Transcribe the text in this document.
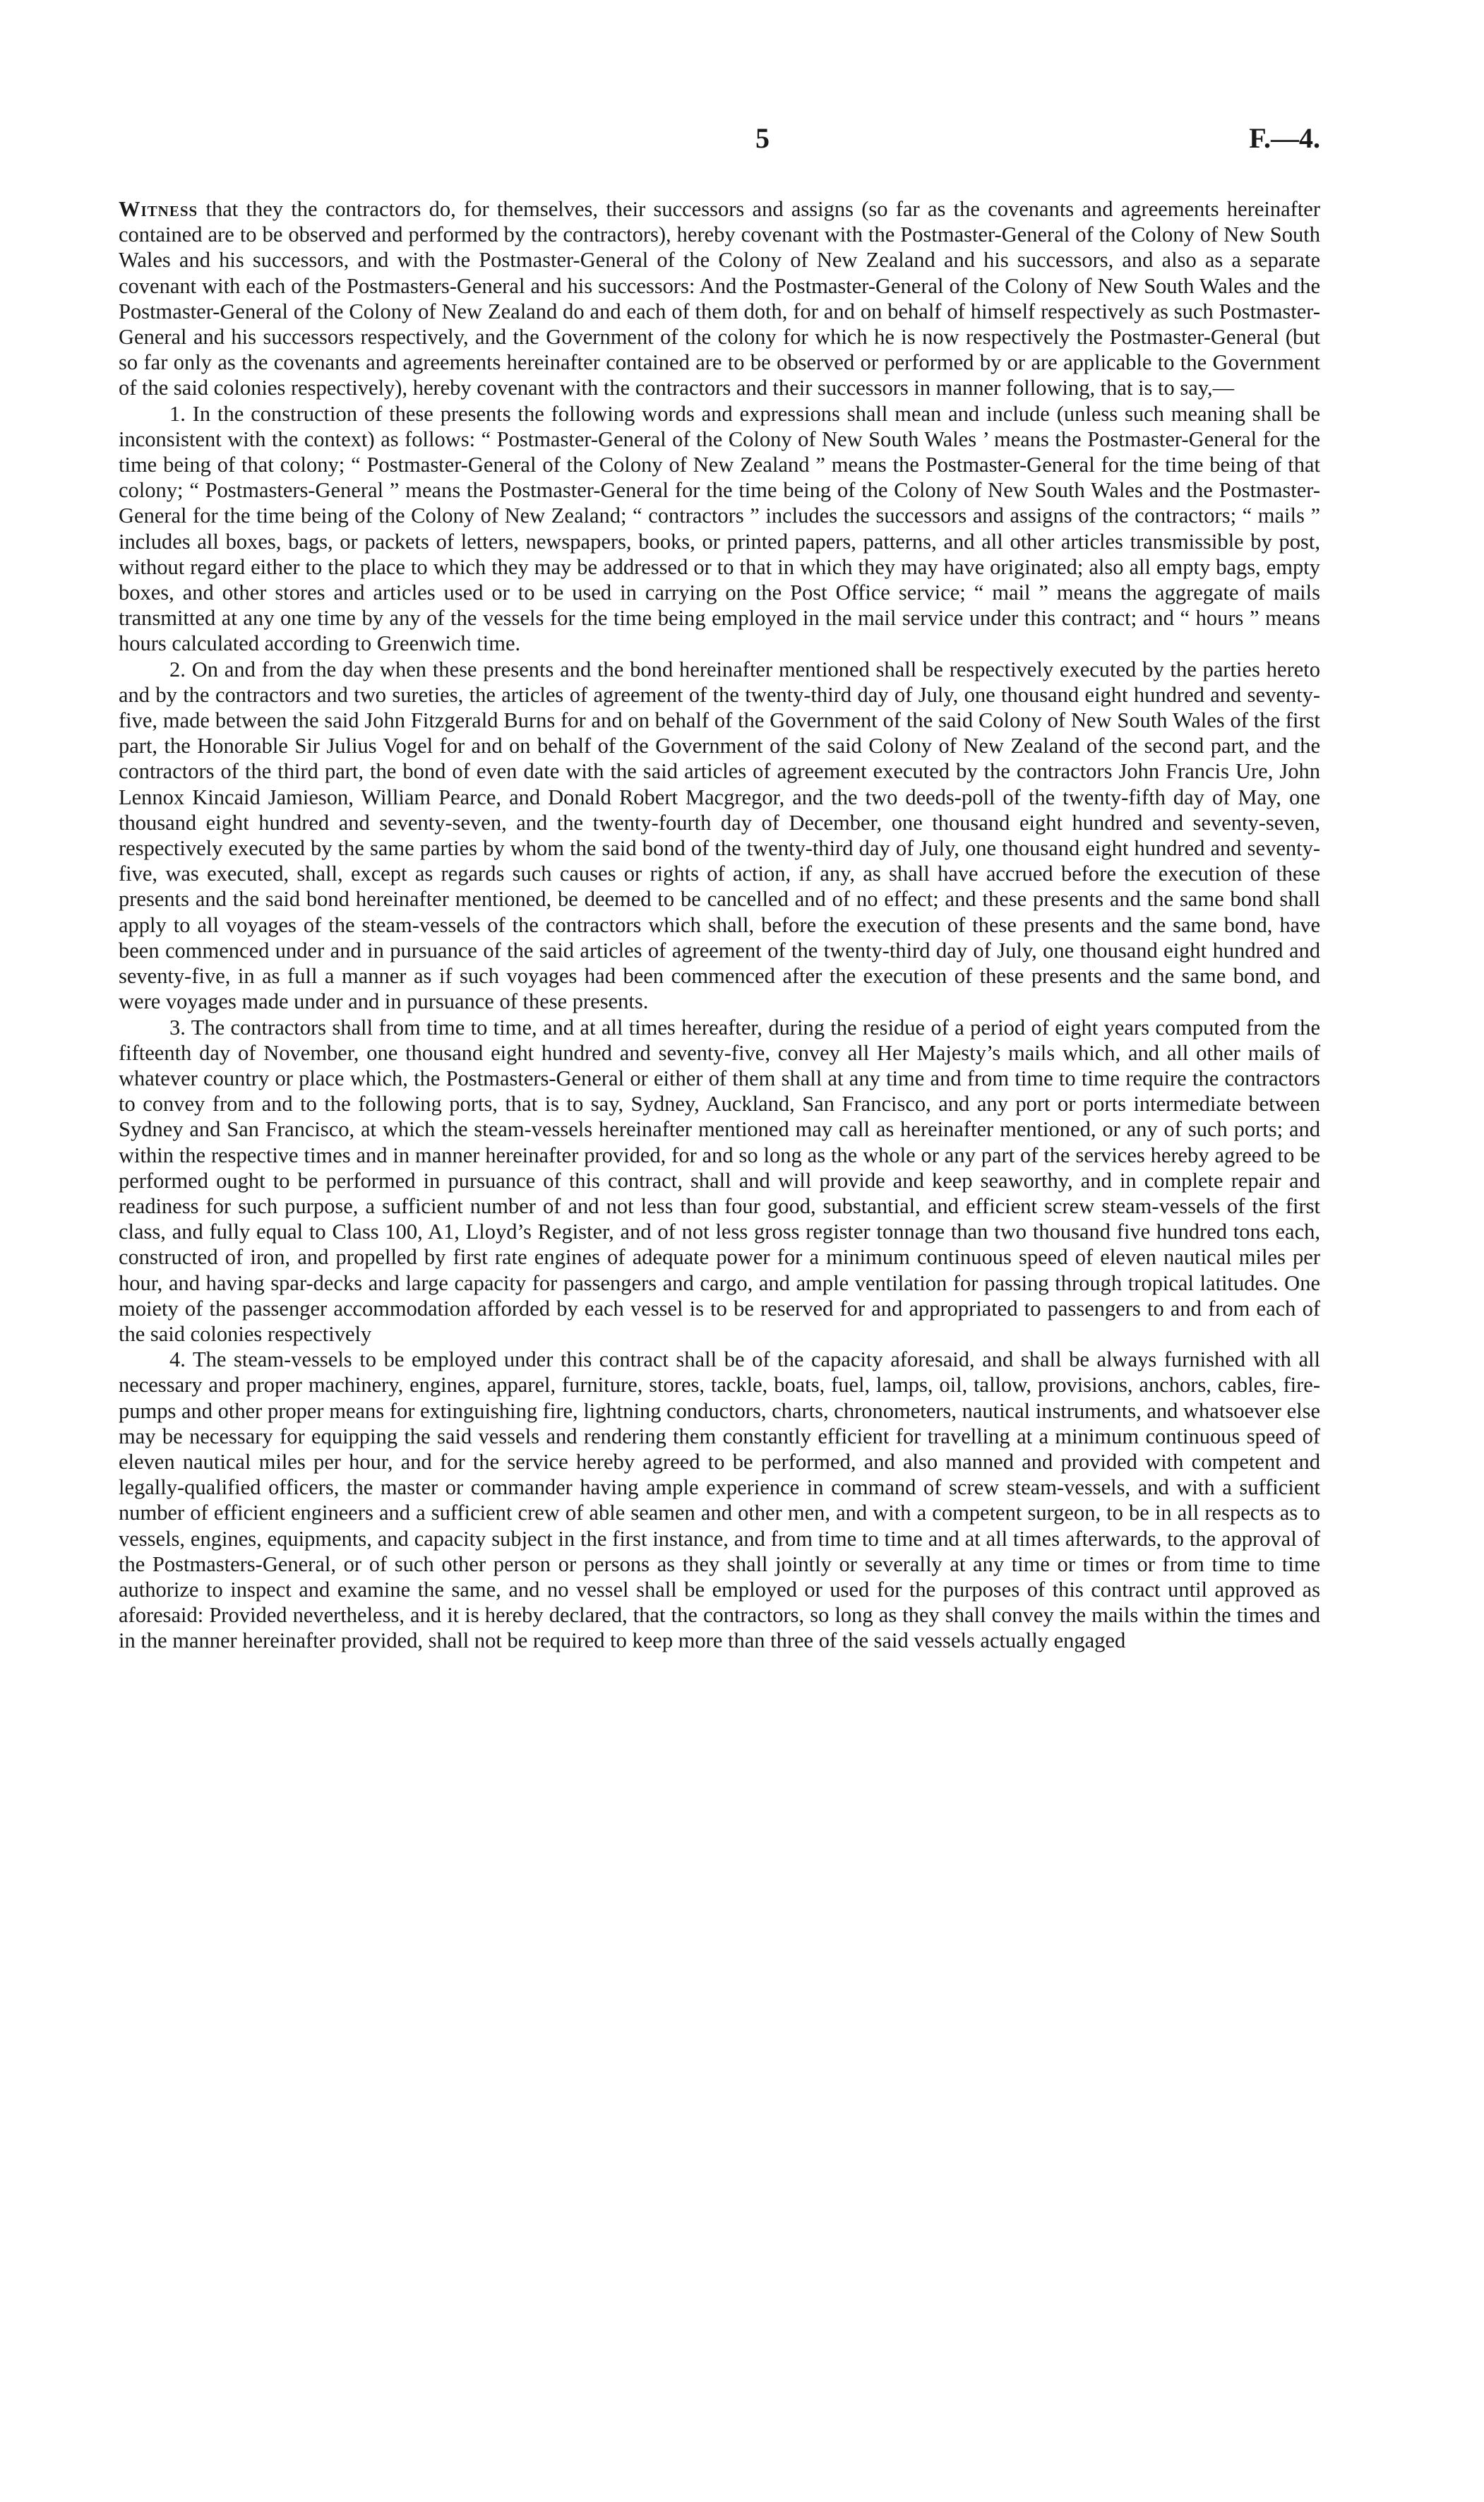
5	F.—4.

Witness that they the contractors do, for themselves, their successors and assigns (so far as the covenants and agreements hereinafter contained are to be observed and performed by the contractors), hereby covenant with the Postmaster-General of the Colony of New South Wales and his successors, and with the Postmaster-General of the Colony of New Zealand and his successors, and also as a separate covenant with each of the Postmasters-General and his successors: And the Postmaster-General of the Colony of New South Wales and the Postmaster-General of the Colony of New Zealand do and each of them doth, for and on behalf of himself respectively as such Postmaster-General and his successors respectively, and the Government of the colony for which he is now respectively the Postmaster-General (but so far only as the covenants and agreements hereinafter contained are to be observed or performed by or are applicable to the Government of the said colonies respectively), hereby covenant with the contractors and their successors in manner following, that is to say,—

1. In the construction of these presents the following words and expressions shall mean and include (unless such meaning shall be inconsistent with the context) as follows: “ Postmaster-General of the Colony of New South Wales ’ means the Postmaster-General for the time being of that colony; “ Postmaster-General of the Colony of New Zealand ” means the Postmaster-General for the time being of that colony; “ Postmasters-General ” means the Postmaster-General for the time being of the Colony of New South Wales and the Postmaster-General for the time being of the Colony of New Zealand; “ contractors ” includes the successors and assigns of the contractors; “ mails ” includes all boxes, bags, or packets of letters, newspapers, books, or printed papers, patterns, and all other articles transmissible by post, without regard either to the place to which they may be addressed or to that in which they may have originated; also all empty bags, empty boxes, and other stores and articles used or to be used in carrying on the Post Office service; “ mail ” means the aggregate of mails transmitted at any one time by any of the vessels for the time being employed in the mail service under this contract; and “ hours ” means hours calculated according to Greenwich time.

2. On and from the day when these presents and the bond hereinafter mentioned shall be respectively executed by the parties hereto and by the contractors and two sureties, the articles of agreement of the twenty-third day of July, one thousand eight hundred and seventy-five, made between the said John Fitzgerald Burns for and on behalf of the Government of the said Colony of New South Wales of the first part, the Honorable Sir Julius Vogel for and on behalf of the Government of the said Colony of New Zealand of the second part, and the contractors of the third part, the bond of even date with the said articles of agreement executed by the contractors John Francis Ure, John Lennox Kincaid Jamieson, William Pearce, and Donald Robert Macgregor, and the two deeds-poll of the twenty-fifth day of May, one thousand eight hundred and seventy-seven, and the twenty-fourth day of December, one thousand eight hundred and seventy-seven, respectively executed by the same parties by whom the said bond of the twenty-third day of July, one thousand eight hundred and seventy-five, was executed, shall, except as regards such causes or rights of action, if any, as shall have accrued before the execution of these presents and the said bond hereinafter mentioned, be deemed to be cancelled and of no effect; and these presents and the same bond shall apply to all voyages of the steam-vessels of the contractors which shall, before the execution of these presents and the same bond, have been commenced under and in pursuance of the said articles of agreement of the twenty-third day of July, one thousand eight hundred and seventy-five, in as full a manner as if such voyages had been commenced after the execution of these presents and the same bond, and were voyages made under and in pursuance of these presents.

3. The contractors shall from time to time, and at all times hereafter, during the residue of a period of eight years computed from the fifteenth day of November, one thousand eight hundred and seventy-five, convey all Her Majesty’s mails which, and all other mails of whatever country or place which, the Postmasters-General or either of them shall at any time and from time to time require the contractors to convey from and to the following ports, that is to say, Sydney, Auckland, San Francisco, and any port or ports intermediate between Sydney and San Francisco, at which the steam-vessels hereinafter mentioned may call as hereinafter mentioned, or any of such ports; and within the respective times and in manner hereinafter provided, for and so long as the whole or any part of the services hereby agreed to be performed ought to be performed in pursuance of this contract, shall and will provide and keep seaworthy, and in complete repair and readiness for such purpose, a sufficient number of and not less than four good, substantial, and efficient screw steam-vessels of the first class, and fully equal to Class 100, A1, Lloyd’s Register, and of not less gross register tonnage than two thousand five hundred tons each, constructed of iron, and propelled by first rate engines of adequate power for a minimum continuous speed of eleven nautical miles per hour, and having spar-decks and large capacity for passengers and cargo, and ample ventilation for passing through tropical latitudes. One moiety of the passenger accommodation afforded by each vessel is to be reserved for and appropriated to passengers to and from each of the said colonies respectively

4. The steam-vessels to be employed under this contract shall be of the capacity aforesaid, and shall be always furnished with all necessary and proper machinery, engines, apparel, furniture, stores, tackle, boats, fuel, lamps, oil, tallow, provisions, anchors, cables, fire-pumps and other proper means for extinguishing fire, lightning conductors, charts, chronometers, nautical instruments, and whatsoever else may be necessary for equipping the said vessels and rendering them constantly efficient for travelling at a minimum continuous speed of eleven nautical miles per hour, and for the service hereby agreed to be performed, and also manned and provided with competent and legally-qualified officers, the master or commander having ample experience in command of screw steam-vessels, and with a sufficient number of efficient engineers and a sufficient crew of able seamen and other men, and with a competent surgeon, to be in all respects as to vessels, engines, equipments, and capacity subject in the first instance, and from time to time and at all times afterwards, to the approval of the Postmasters-General, or of such other person or persons as they shall jointly or severally at any time or times or from time to time authorize to inspect and examine the same, and no vessel shall be employed or used for the purposes of this contract until approved as aforesaid: Provided nevertheless, and it is hereby declared, that the contractors, so long as they shall convey the mails within the times and in the manner hereinafter provided, shall not be required to keep more than three of the said vessels actually engaged
